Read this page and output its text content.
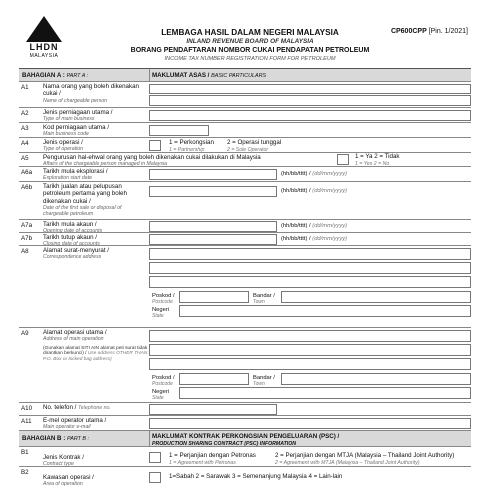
LHDN
MALAYSIA
LEMBAGA HASIL DALAM NEGERI MALAYSIA
INLAND REVENUE BOARD OF MALAYSIA
BORANG PENDAFTARAN NOMBOR CUKAI PENDAPATAN PETROLEUM
INCOME TAX NUMBER REGISTRATION FORM FOR PETROLEUM
CP600CPP [Pin. 1/2021]
BAHAGIAN A : PART A :	MAKLUMAT ASAS / BASIC PARTICULARS
A1 Nama orang yang boleh dikenakan cukai /
Name of chargeable person
A2 Jenis perniagaan utama /
Type of main business
A3 Kod perniagaan utama /
Main business code
A4 Jenis operasi /
Type of operation
1 = Perkongsian
1 = Partnership
2 = Operasi tunggal
2 = Sole Operator
A5 Pengurusan hal-ehwal orang yang boleh dikenakan cukai dilakukan di Malaysia
Affairs of the chargeable person managed in Malaysia
1 = Ya 2 = Tidak
1 = Yes 2 = No
A6a Tarikh mula eksplorasi /
Exploration start date
(hh/bb/tttt) / (dd/mm/yyyy)
A6b Tarikh jualan atau pelupusan petroleum pertama yang boleh dikenakan cukai /
Date of the first sale or disposal of chargeable petroleum
(hh/bb/tttt) / (dd/mm/yyyy)
A7a Tarikh mula akaun /
Opening date of accounts
(hh/bb/tttt) / (dd/mm/yyyy)
A7b Tarikh tutup akaun /
Closing date of accounts
(hh/bb/tttt) / (dd/mm/yyyy)
A8 Alamat surat-menyurat /
Correspondence address
Poskod /
Postcode
Bandar /
Town
Negeri
State
A9 Alamat operasi utama /
Address of main operation
(Gunakan alamat SITI AIN alamat peti surat tidak dirantkan berkunci) / Use address OTHER THAN P.O. Box or locked bag address)
Poskod /
Postcode
Bandar /
Town
Negeri
State
A10 No. telefon / Telephone no.
A11 E-mel operator utama /
Main operator e-mail
BAHAGIAN B : PART B :	MAKLUMAT KONTRAK PERKONGSIAN PENGELUARAN (PSC) /
PRODUCTION SHARING CONTRACT (PSC) INFORMATION
B1
Jenis Kontrak /
Contract type
1 = Perjanjian dengan Petronas
1 = Agreement with Petronas
2 = Perjanjian dengan MTJA (Malaysia – Thailand Joint Authority)
2 = Agreement with MTJA (Malaysia – Thailand Joint Authority)
B2
Kawasan operasi /
Area of operation
1=Sabah 2 = Sarawak 3 = Semenanjung Malaysia 4 = Lain-lain
